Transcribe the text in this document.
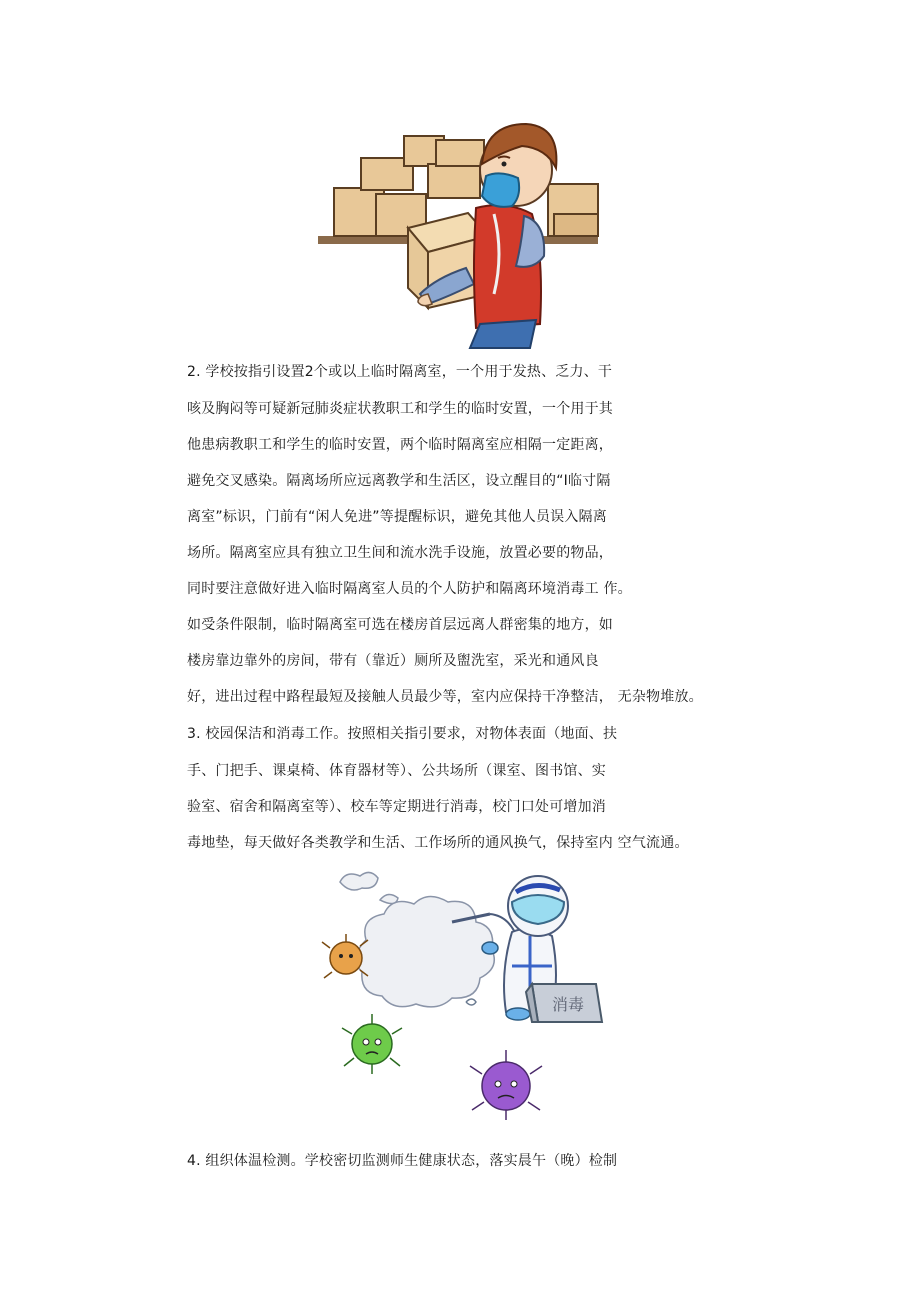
2. 学校按指引设置2个或以上临时隔离室，一个用于发热、乏力、干
咳及胸闷等可疑新冠肺炎症状教职工和学生的临时安置，一个用于其
他患病教职工和学生的临时安置，两个临时隔离室应相隔一定距离，
避免交叉感染。隔离场所应远离教学和生活区，设立醒目的“I临寸隔
离室”标识，门前有“闲人免进”等提醒标识，避免其他人员误入隔离
场所。隔离室应具有独立卫生间和流水洗手设施，放置必要的物品，
同时要注意做好进入临时隔离室人员的个人防护和隔离环境消毒工 作。
如受条件限制，临时隔离室可选在楼房首层远离人群密集的地方，如
楼房靠边靠外的房间，带有（靠近）厕所及盥洗室，采光和通风良
好，进出过程中路程最短及接触人员最少等，室内应保持干净整洁， 无杂物堆放。
3. 校园保洁和消毒工作。按照相关指引要求，对物体表面（地面、扶
手、门把手、课桌椅、体育器材等）、公共场所（课室、图书馆、实
验室、宿舍和隔离室等）、校车等定期进行消毒，校门口处可增加消
毒地垫，每天做好各类教学和生活、工作场所的通风换气，保持室内 空气流通。
消毒
4. 组织体温检测。学校密切监测师生健康状态，落实晨午（晚）检制
